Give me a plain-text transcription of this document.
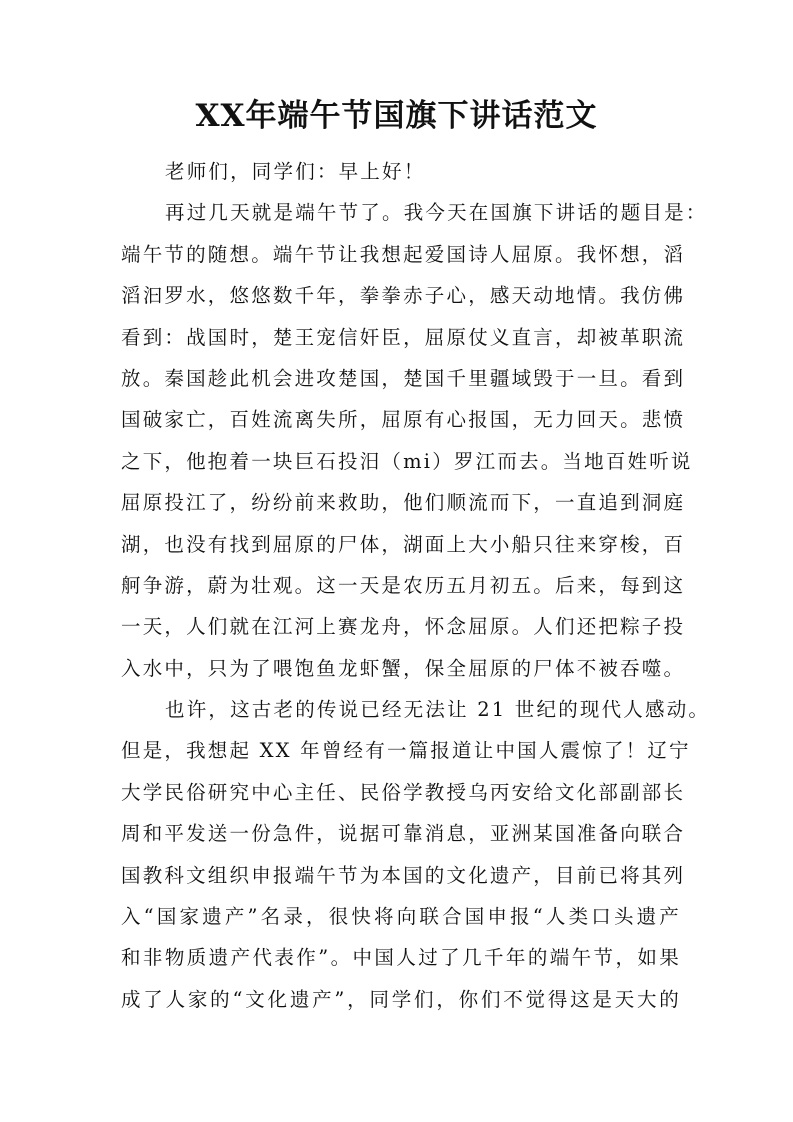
XX年端午节国旗下讲话范文
老师们，同学们：早上好！
再过几天就是端午节了。我今天在国旗下讲话的题目是：
端午节的随想。端午节让我想起爱国诗人屈原。我怀想，滔
滔汩罗水，悠悠数千年，拳拳赤子心，感天动地情。我仿佛
看到：战国时，楚王宠信奸臣，屈原仗义直言，却被革职流
放。秦国趁此机会进攻楚国，楚国千里疆域毁于一旦。看到
国破家亡，百姓流离失所，屈原有心报国，无力回天。悲愤
之下，他抱着一块巨石投汨（mi）罗江而去。当地百姓听说
屈原投江了，纷纷前来救助，他们顺流而下，一直追到洞庭
湖，也没有找到屈原的尸体，湖面上大小船只往来穿梭，百
舸争游，蔚为壮观。这一天是农历五月初五。后来，每到这
一天，人们就在江河上赛龙舟，怀念屈原。人们还把粽子投
入水中，只为了喂饱鱼龙虾蟹，保全屈原的尸体不被吞噬。
也许，这古老的传说已经无法让 21 世纪的现代人感动。
但是，我想起 XX 年曾经有一篇报道让中国人震惊了！辽宁
大学民俗研究中心主任、民俗学教授乌丙安给文化部副部长
周和平发送一份急件，说据可靠消息，亚洲某国准备向联合
国教科文组织申报端午节为本国的文化遗产，目前已将其列
入“国家遗产”名录，很快将向联合国申报“人类口头遗产
和非物质遗产代表作”。中国人过了几千年的端午节，如果
成了人家的“文化遗产”，同学们，你们不觉得这是天大的
